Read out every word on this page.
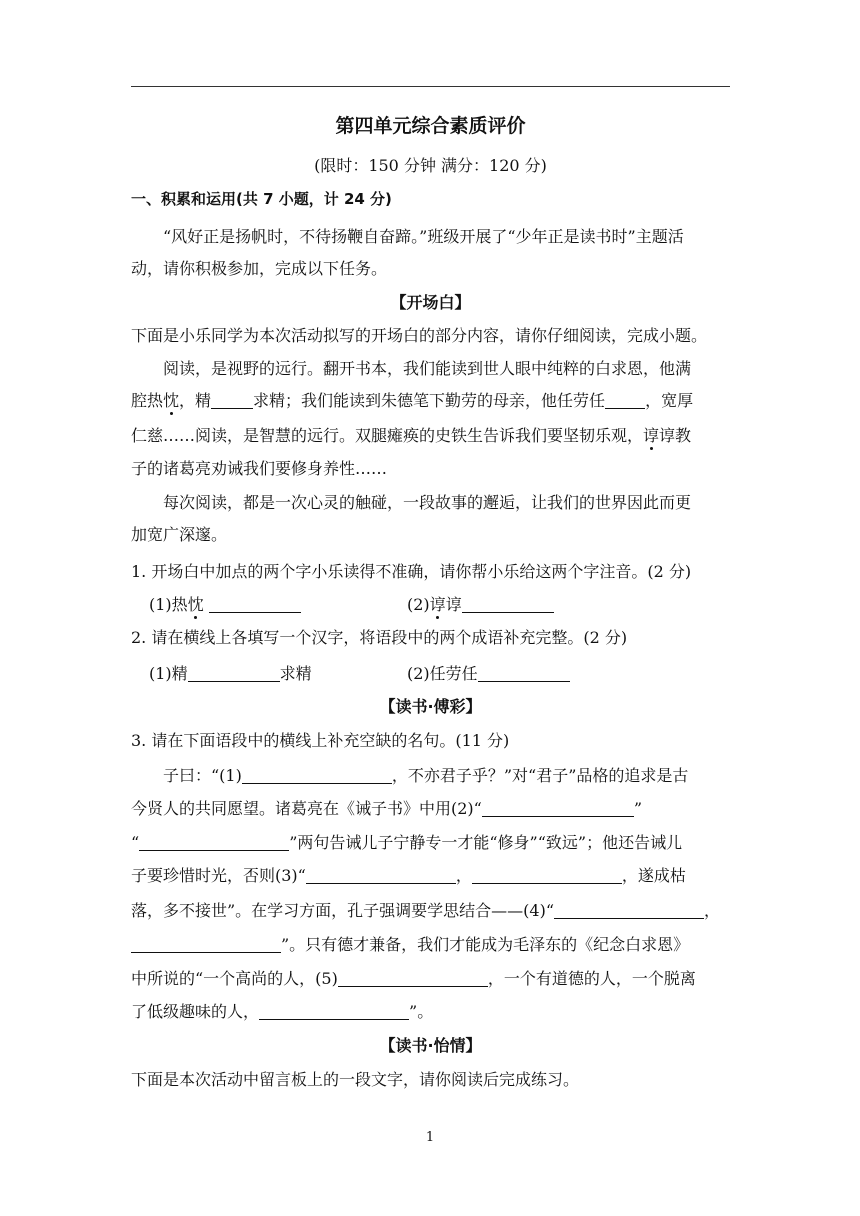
第四单元综合素质评价
(限时：150 分钟 满分：120 分)
一、积累和运用(共 7 小题，计 24 分)
“风好正是扬帆时，不待扬鞭自奋蹄。”班级开展了“少年正是读书时”主题活
动，请你积极参加，完成以下任务。
【开场白】
下面是小乐同学为本次活动拟写的开场白的部分内容，请你仔细阅读，完成小题。
阅读，是视野的远行。翻开书本，我们能读到世人眼中纯粹的白求恩，他满
腔热忱，精	求精；我们能读到朱德笔下勤劳的母亲，他任劳任	，宽厚
仁慈……阅读，是智慧的远行。双腿瘫痪的史铁生告诉我们要坚韧乐观，谆谆教
子的诸葛亮劝诫我们要修身养性……
每次阅读，都是一次心灵的触碰，一段故事的邂逅，让我们的世界因此而更
加宽广深邃。
1. 开场白中加点的两个字小乐读得不准确，请你帮小乐给这两个字注音。(2 分)
(1)热忱	(2)谆谆
2. 请在横线上各填写一个汉字，将语段中的两个成语补充完整。(2 分)
(1)精	求精	(2)任劳任
【读书·傅彩】
3. 请在下面语段中的横线上补充空缺的名句。(11 分)
子曰：“(1)	，不亦君子乎？”对“君子”品格的追求是古
今贤人的共同愿望。诸葛亮在《诫子书》中用(2)“	”
“	”两句告诫儿子宁静专一才能“修身”“致远”；他还告诫儿
子要珍惜时光，否则(3)“	，	，遂成枯
落，多不接世”。在学习方面，孔子强调要学思结合——(4)“	，
”。只有德才兼备，我们才能成为毛泽东的《纪念白求恩》
中所说的“一个高尚的人，(5)	，一个有道德的人，一个脱离
了低级趣味的人，	”。
【读书·怡情】
下面是本次活动中留言板上的一段文字，请你阅读后完成练习。
1
